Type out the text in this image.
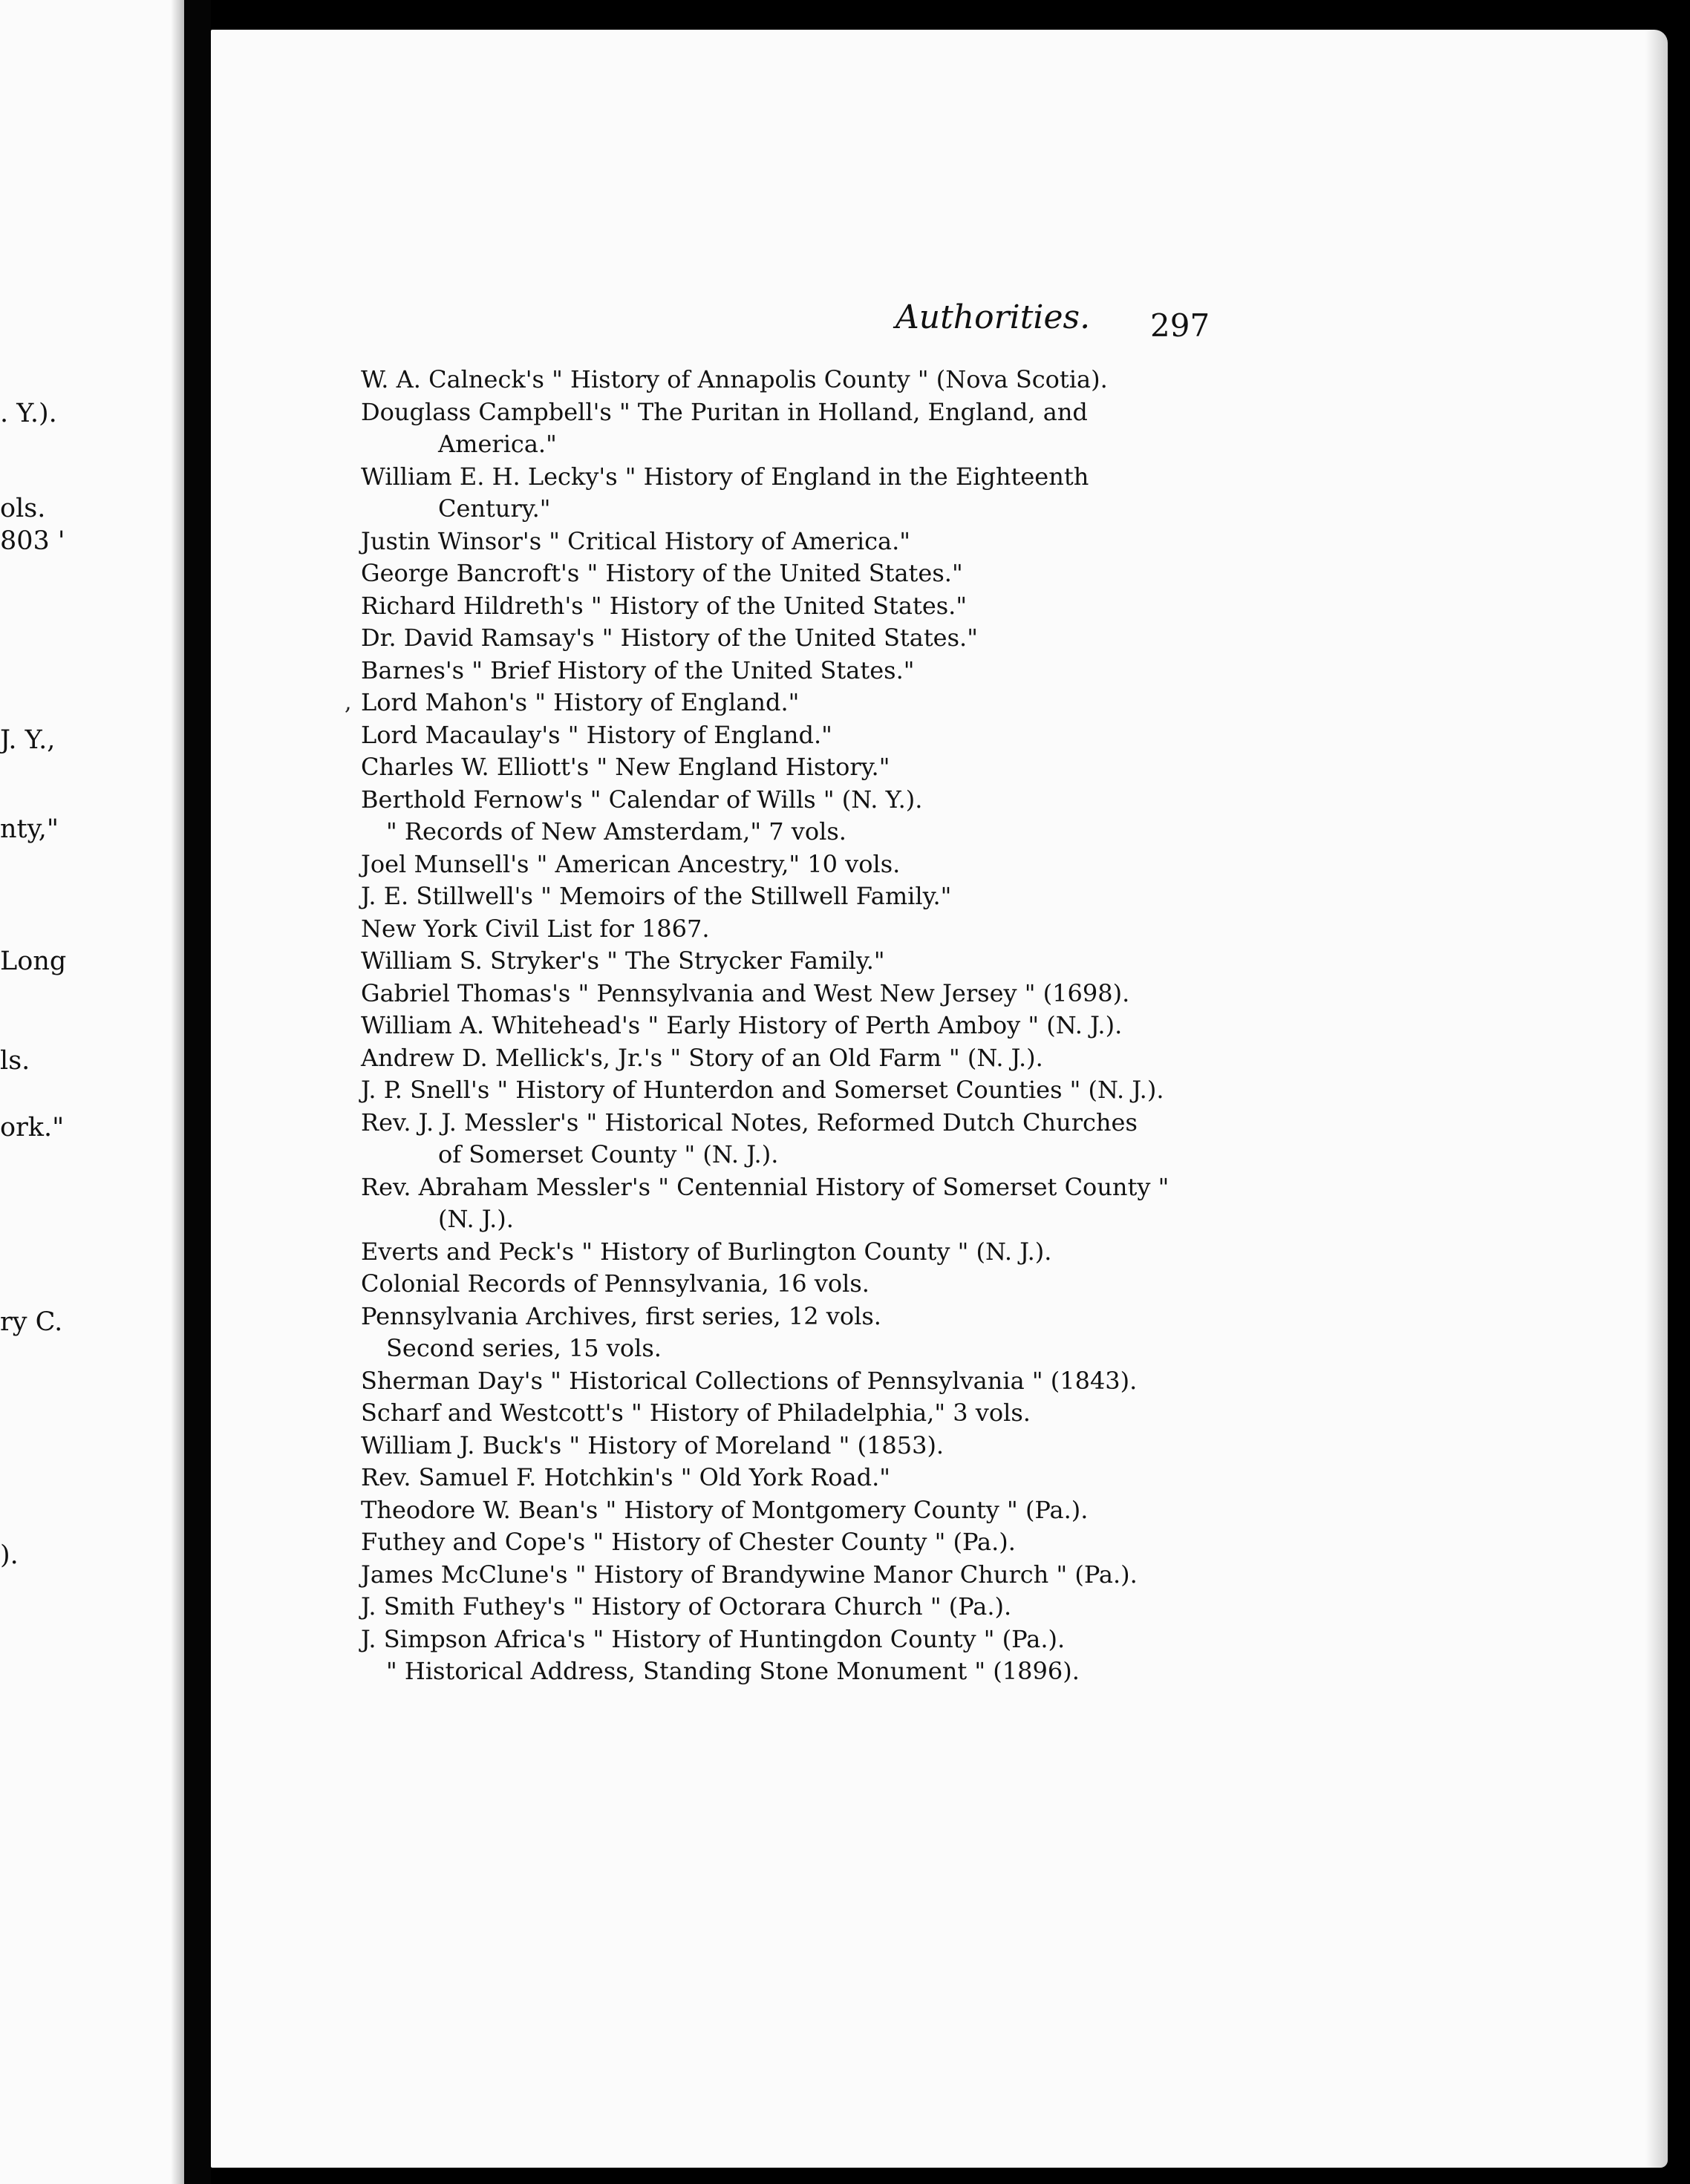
. Y.).
ols.
803 '
J. Y.,
nty,"
Long
ls.
ork."
ry C.
).
Authorities. 297
,
W. A. Calneck's " History of Annapolis County " (Nova Scotia).
Douglass Campbell's " The Puritan in Holland, England, and
America."
William E. H. Lecky's " History of England in the Eighteenth
Century."
Justin Winsor's " Critical History of America."
George Bancroft's " History of the United States."
Richard Hildreth's " History of the United States."
Dr. David Ramsay's " History of the United States."
Barnes's " Brief History of the United States."
Lord Mahon's " History of England."
Lord Macaulay's " History of England."
Charles W. Elliott's " New England History."
Berthold Fernow's " Calendar of Wills " (N. Y.).
" Records of New Amsterdam," 7 vols.
Joel Munsell's " American Ancestry," 10 vols.
J. E. Stillwell's " Memoirs of the Stillwell Family."
New York Civil List for 1867.
William S. Stryker's " The Strycker Family."
Gabriel Thomas's " Pennsylvania and West New Jersey " (1698).
William A. Whitehead's " Early History of Perth Amboy " (N. J.).
Andrew D. Mellick's, Jr.'s " Story of an Old Farm " (N. J.).
J. P. Snell's " History of Hunterdon and Somerset Counties " (N. J.).
Rev. J. J. Messler's " Historical Notes, Reformed Dutch Churches
of Somerset County " (N. J.).
Rev. Abraham Messler's " Centennial History of Somerset County "
(N. J.).
Everts and Peck's " History of Burlington County " (N. J.).
Colonial Records of Pennsylvania, 16 vols.
Pennsylvania Archives, first series, 12 vols.
Second series, 15 vols.
Sherman Day's " Historical Collections of Pennsylvania " (1843).
Scharf and Westcott's " History of Philadelphia," 3 vols.
William J. Buck's " History of Moreland " (1853).
Rev. Samuel F. Hotchkin's " Old York Road."
Theodore W. Bean's " History of Montgomery County " (Pa.).
Futhey and Cope's " History of Chester County " (Pa.).
James McClune's " History of Brandywine Manor Church " (Pa.).
J. Smith Futhey's " History of Octorara Church " (Pa.).
J. Simpson Africa's " History of Huntingdon County " (Pa.).
" Historical Address, Standing Stone Monument " (1896).
